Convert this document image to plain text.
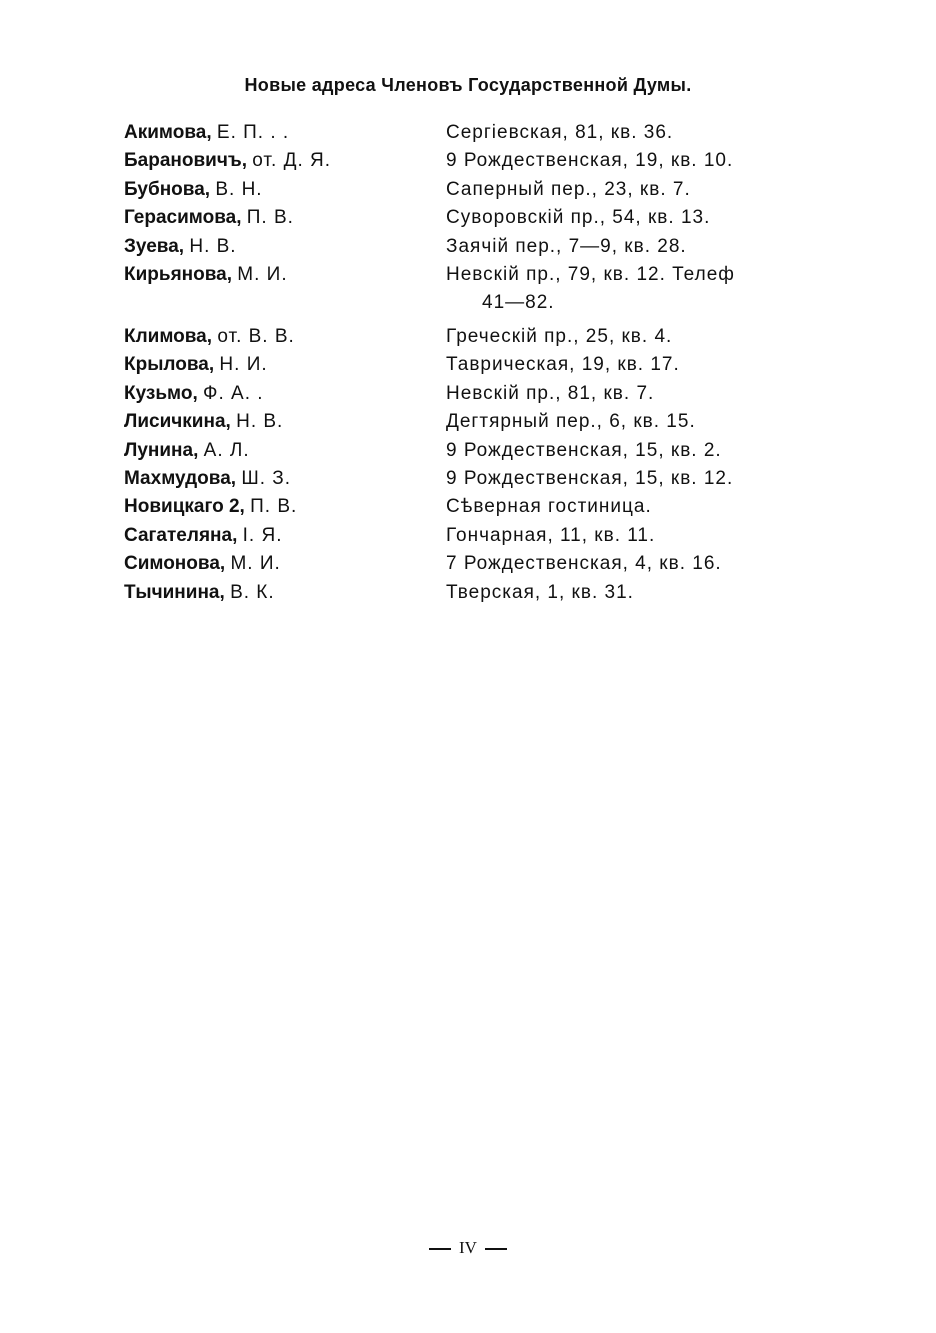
Новые адреса Членовъ Государственной Думы.
Акимова, Е. П. . .	Сергіевская, 81, кв. 36.
Барановичъ, от. Д. Я.	9 Рождественская, 19, кв. 10.
Бубнова, В. Н.	Саперный пер., 23, кв. 7.
Герасимова, П. В.	Суворовскій пр., 54, кв. 13.
Зуева, Н. В.	Заячій пер., 7—9, кв. 28.
Кирьянова, М. И.	Невскій пр., 79, кв. 12. Телеф
41—82.
Климова, от. В. В.	Греческій пр., 25, кв. 4.
Крылова, Н. И.	Таврическая, 19, кв. 17.
Кузьмо, Ф. А. .	Невскій пр., 81, кв. 7.
Лисичкина, Н. В.	Дегтярный пер., 6, кв. 15.
Лунина, А. Л.	9 Рождественская, 15, кв. 2.
Махмудова, Ш. З.	9 Рождественская, 15, кв. 12.
Новицкаго 2, П. В.	Сѣверная гостиница.
Сагателяна, І. Я.	Гончарная, 11, кв. 11.
Симонова, М. И.	7 Рождественская, 4, кв. 16.
Тычинина, В. К.	Тверская, 1, кв. 31.
IV
